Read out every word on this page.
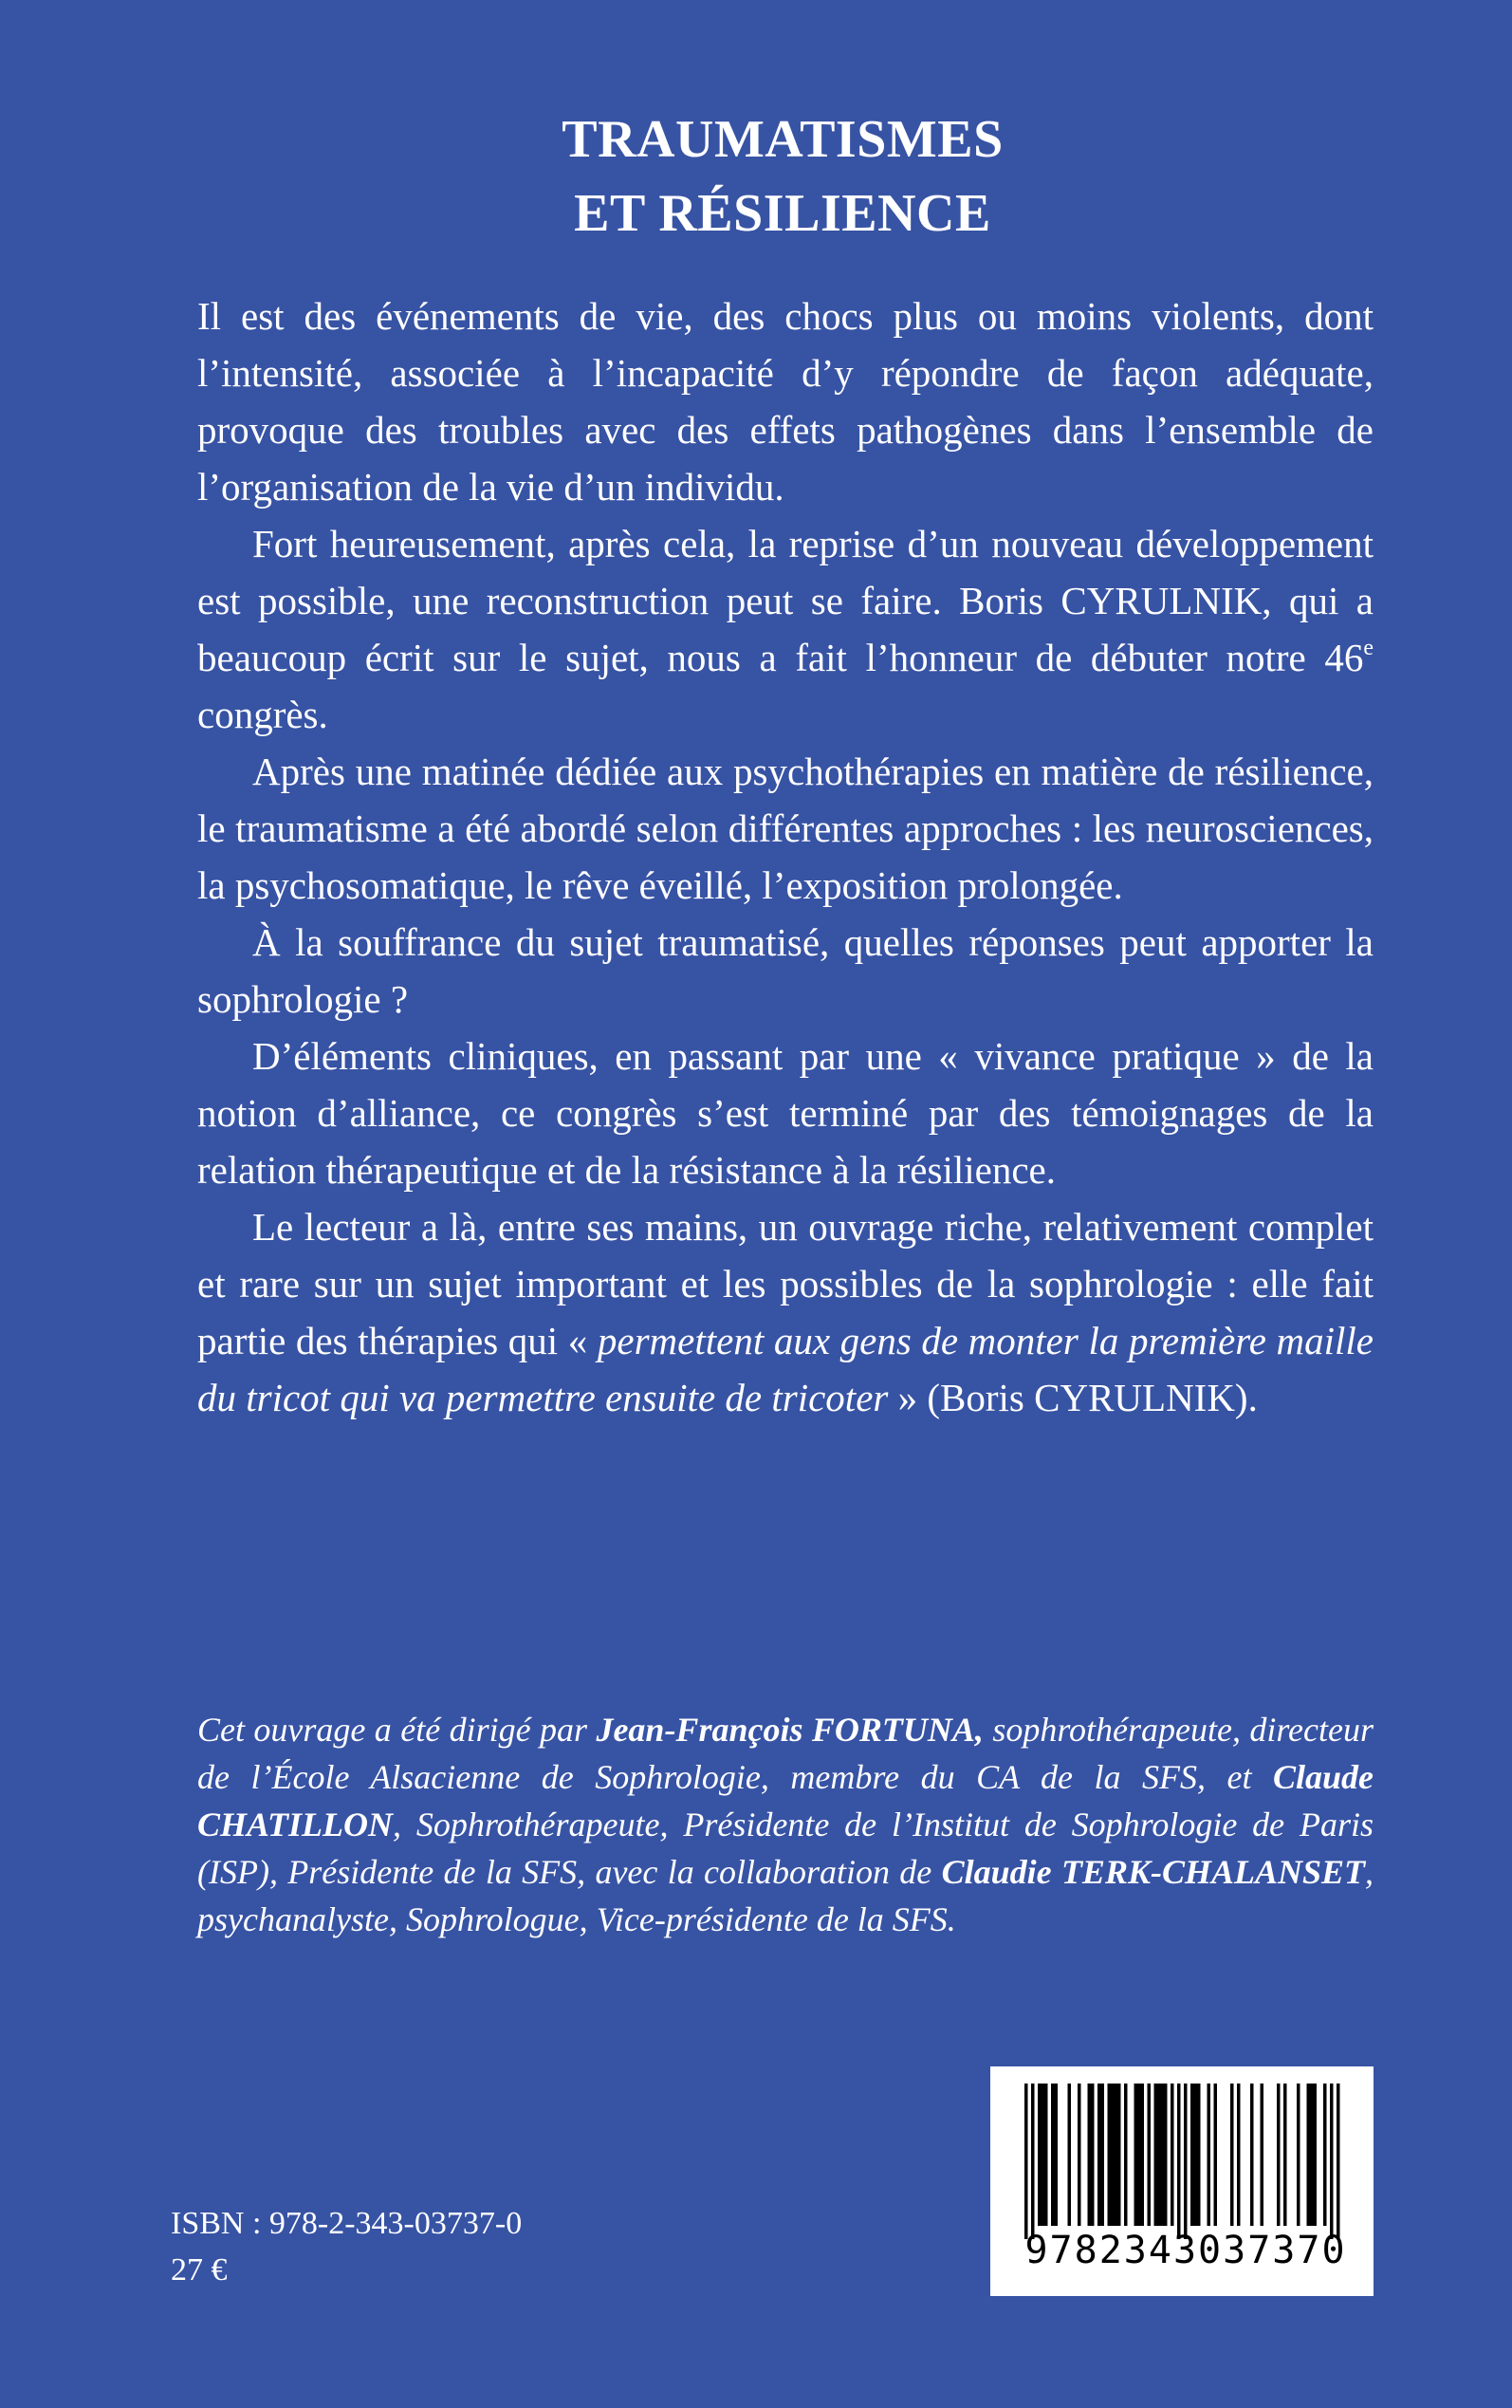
TRAUMATISMES
ET RÉSILIENCE

Il est des événements de vie, des chocs plus ou moins violents, dont l’intensité, associée à l’incapacité d’y répondre de façon adéquate, provoque des troubles avec des effets pathogènes dans l’ensemble de l’organisation de la vie d’un individu.

Fort heureusement, après cela, la reprise d’un nouveau développement est possible, une reconstruction peut se faire. Boris CYRULNIK, qui a beaucoup écrit sur le sujet, nous a fait l’honneur de débuter notre 46e congrès.

Après une matinée dédiée aux psychothérapies en matière de résilience, le traumatisme a été abordé selon différentes approches : les neurosciences, la psychosomatique, le rêve éveillé, l’exposition prolongée.

À la souffrance du sujet traumatisé, quelles réponses peut apporter la sophrologie ?

D’éléments cliniques, en passant par une « vivance pratique » de la notion d’alliance, ce congrès s’est terminé par des témoignages de la relation thérapeutique et de la résistance à la résilience.

Le lecteur a là, entre ses mains, un ouvrage riche, relativement complet et rare sur un sujet important et les possibles de la sophrologie : elle fait partie des thérapies qui « permettent aux gens de monter la première maille du tricot qui va permettre ensuite de tricoter » (Boris CYRULNIK).

Cet ouvrage a été dirigé par Jean-François FORTUNA, sophrothérapeute, directeur de l’École Alsacienne de Sophrologie, membre du CA de la SFS, et Claude CHATILLON, Sophrothérapeute, Présidente de l’Institut de Sophrologie de Paris (ISP), Présidente de la SFS, avec la collaboration de Claudie TERK-CHALANSET, psychanalyste, Sophrologue, Vice-présidente de la SFS.
ISBN : 978-2-343-03737-0
27 €	9782343037370
